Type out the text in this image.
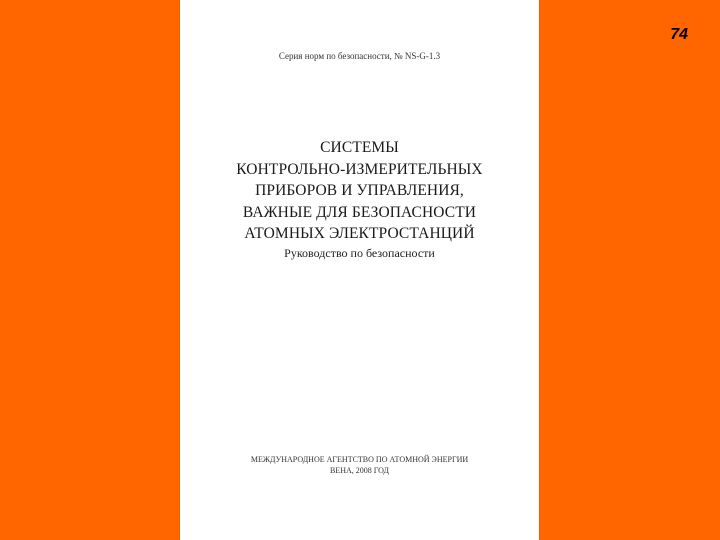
74
Серия норм по безопасности, № NS-G-1.3
СИСТЕМЫ
КОНТРОЛЬНО-ИЗМЕРИТЕЛЬНЫХ
ПРИБОРОВ И УПРАВЛЕНИЯ,
ВАЖНЫЕ ДЛЯ БЕЗОПАСНОСТИ
АТОМНЫХ ЭЛЕКТРОСТАНЦИЙ
Руководство по безопасности
МЕЖДУНАРОДНОЕ АГЕНТСТВО ПО АТОМНОЙ ЭНЕРГИИ
ВЕНА, 2008 ГОД
